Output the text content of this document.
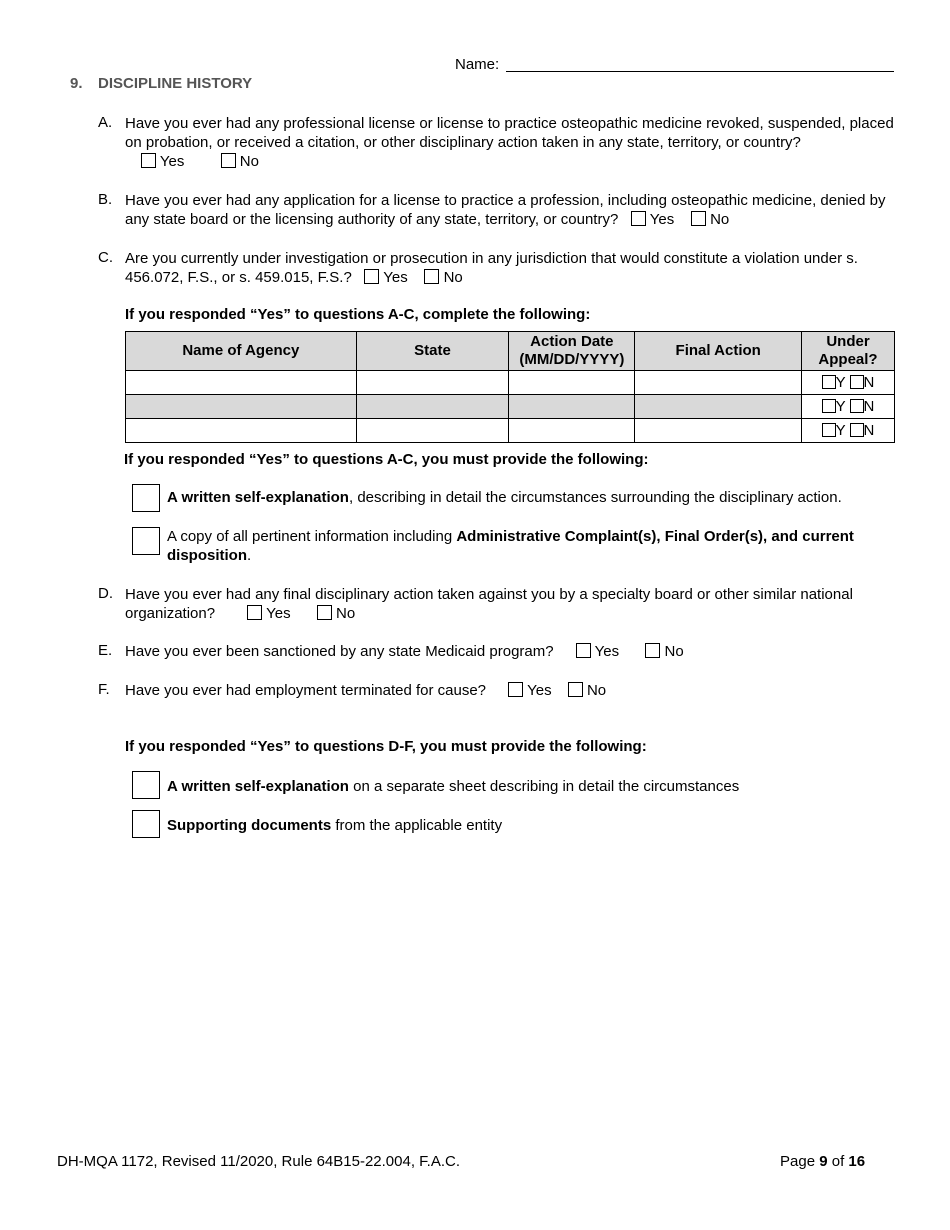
Name:
9. DISCIPLINE HISTORY
A. Have you ever had any professional license or license to practice osteopathic medicine revoked, suspended, placed on probation, or received a citation, or other disciplinary action taken in any state, territory, or country?
Yes	No
B. Have you ever had any application for a license to practice a profession, including osteopathic medicine, denied by any state board or the licensing authority of any state, territory, or country? Yes No
C. Are you currently under investigation or prosecution in any jurisdiction that would constitute a violation under s. 456.072, F.S., or s. 459.015, F.S.? Yes No
If you responded “Yes” to questions A-C, complete the following:
Name of Agency	State	Action Date (MM/DD/YYYY)	Final Action	Under Appeal?
				Y N
				Y N
				Y N
If you responded “Yes” to questions A-C, you must provide the following:
A written self-explanation, describing in detail the circumstances surrounding the disciplinary action.
A copy of all pertinent information including Administrative Complaint(s), Final Order(s), and current disposition.
D. Have you ever had any final disciplinary action taken against you by a specialty board or other similar national organization?	Yes	No
E. Have you ever been sanctioned by any state Medicaid program?	Yes	No
F. Have you ever had employment terminated for cause?	Yes No
If you responded “Yes” to questions D-F, you must provide the following:
A written self-explanation on a separate sheet describing in detail the circumstances
Supporting documents from the applicable entity
DH-MQA 1172, Revised 11/2020, Rule 64B15-22.004, F.A.C.	Page 9 of 16
